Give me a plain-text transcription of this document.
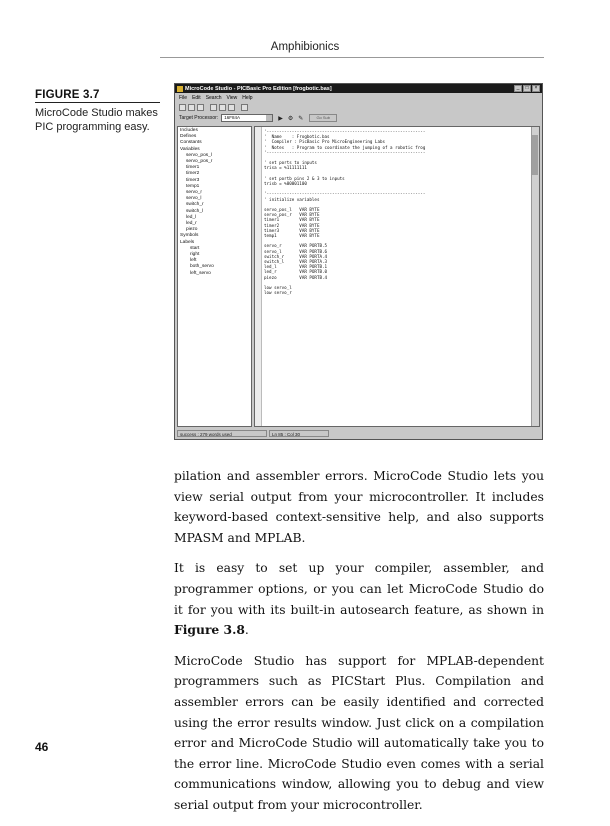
Amphibionics
FIGURE 3.7
MicroCode Studio makes PIC programming easy.
MicroCode Studio - PICBasic Pro Edition [frogbotic.bas]	_	□	×
File Edit Search View Help
Target Processor:	16F84A	▶ ⚙ ✎	Go Sub
Includes
Defines
Constants
Variables
servo_pos_l
servo_pos_r
timer1
timer2
timer3
temp1
servo_r
servo_l
switch_r
switch_l
led_l
led_r
piezo
Symbols
Labels
start
right
left
both_servo
left_servo
'---------------------------------------------------------------
'  Name    : Frogbotic.bas
'  Compiler : PicBasic Pro MicroEngineering Labs
'  Notes   : Program to coordinate the jumping of a robotic frog
'---------------------------------------------------------------

' set ports to inputs
trisa = %11111111

' set portb pins 2 & 3 to inputs
trisb = %00001100

'---------------------------------------------------------------
' initialize variables

servo_pos_l   VAR BYTE
servo_pos_r   VAR BYTE
timer1        VAR BYTE
timer2        VAR BYTE
timer3        VAR BYTE
temp1         VAR BYTE

servo_r       VAR PORTB.5
servo_l       VAR PORTB.6
switch_r      VAR PORTA.4
switch_l      VAR PORTA.3
led_l         VAR PORTB.1
led_r         VAR PORTB.0
piezo         VAR PORTB.4

low servo_l
low servo_r
success : 279 words used	Ln 85 : Col 30

pilation and assembler errors. MicroCode Studio lets you view serial output from your microcontroller. It includes keyword-based context-sensitive help, and also supports MPASM and MPLAB.

It is easy to set up your compiler, assembler, and programmer options, or you can let MicroCode Studio do it for you with its built-in autosearch feature, as shown in Figure 3.8.

MicroCode Studio has support for MPLAB-dependent programmers such as PICStart Plus. Compilation and assembler errors can be easily identified and corrected using the error results window. Just click on a compilation error and MicroCode Studio will automatically take you to the error line. MicroCode Studio even comes with a serial communications window, allowing you to debug and view serial output from your microcontroller.

46
